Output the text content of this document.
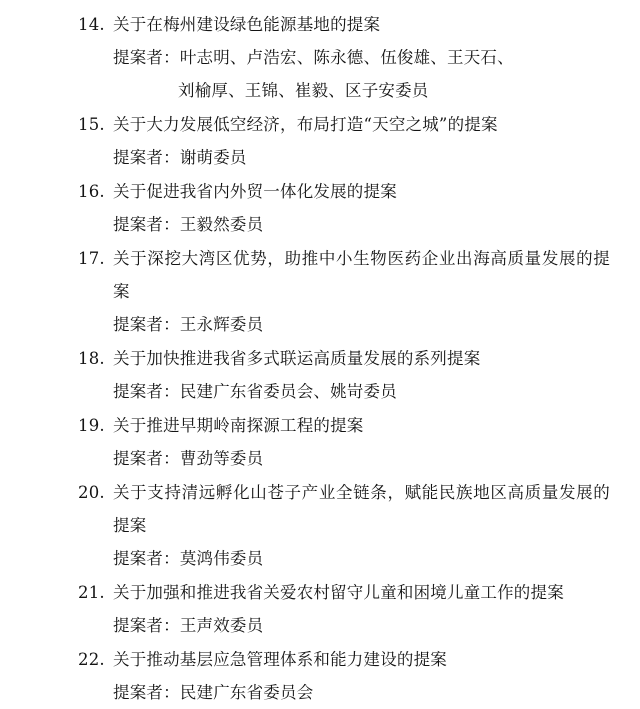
14. 关于在梅州建设绿色能源基地的提案
提案者： 叶志明、卢浩宏、陈永德、伍俊雄、王天石、
刘榆厚、王锦、崔毅、区子安委员
15. 关于大力发展低空经济，布局打造“天空之城”的提案
提案者： 谢萌委员
16. 关于促进我省内外贸一体化发展的提案
提案者： 王毅然委员
17. 关于深挖大湾区优势，助推中小生物医药企业出海高质量发展的提案
提案者： 王永辉委员
18. 关于加快推进我省多式联运高质量发展的系列提案
提案者： 民建广东省委员会、姚岢委员
19. 关于推进早期岭南探源工程的提案
提案者： 曹劲等委员
20. 关于支持清远孵化山苍子产业全链条，赋能民族地区高质量发展的提案
提案者： 莫鸿伟委员
21. 关于加强和推进我省关爱农村留守儿童和困境儿童工作的提案
提案者： 王声效委员
22. 关于推动基层应急管理体系和能力建设的提案
提案者： 民建广东省委员会
